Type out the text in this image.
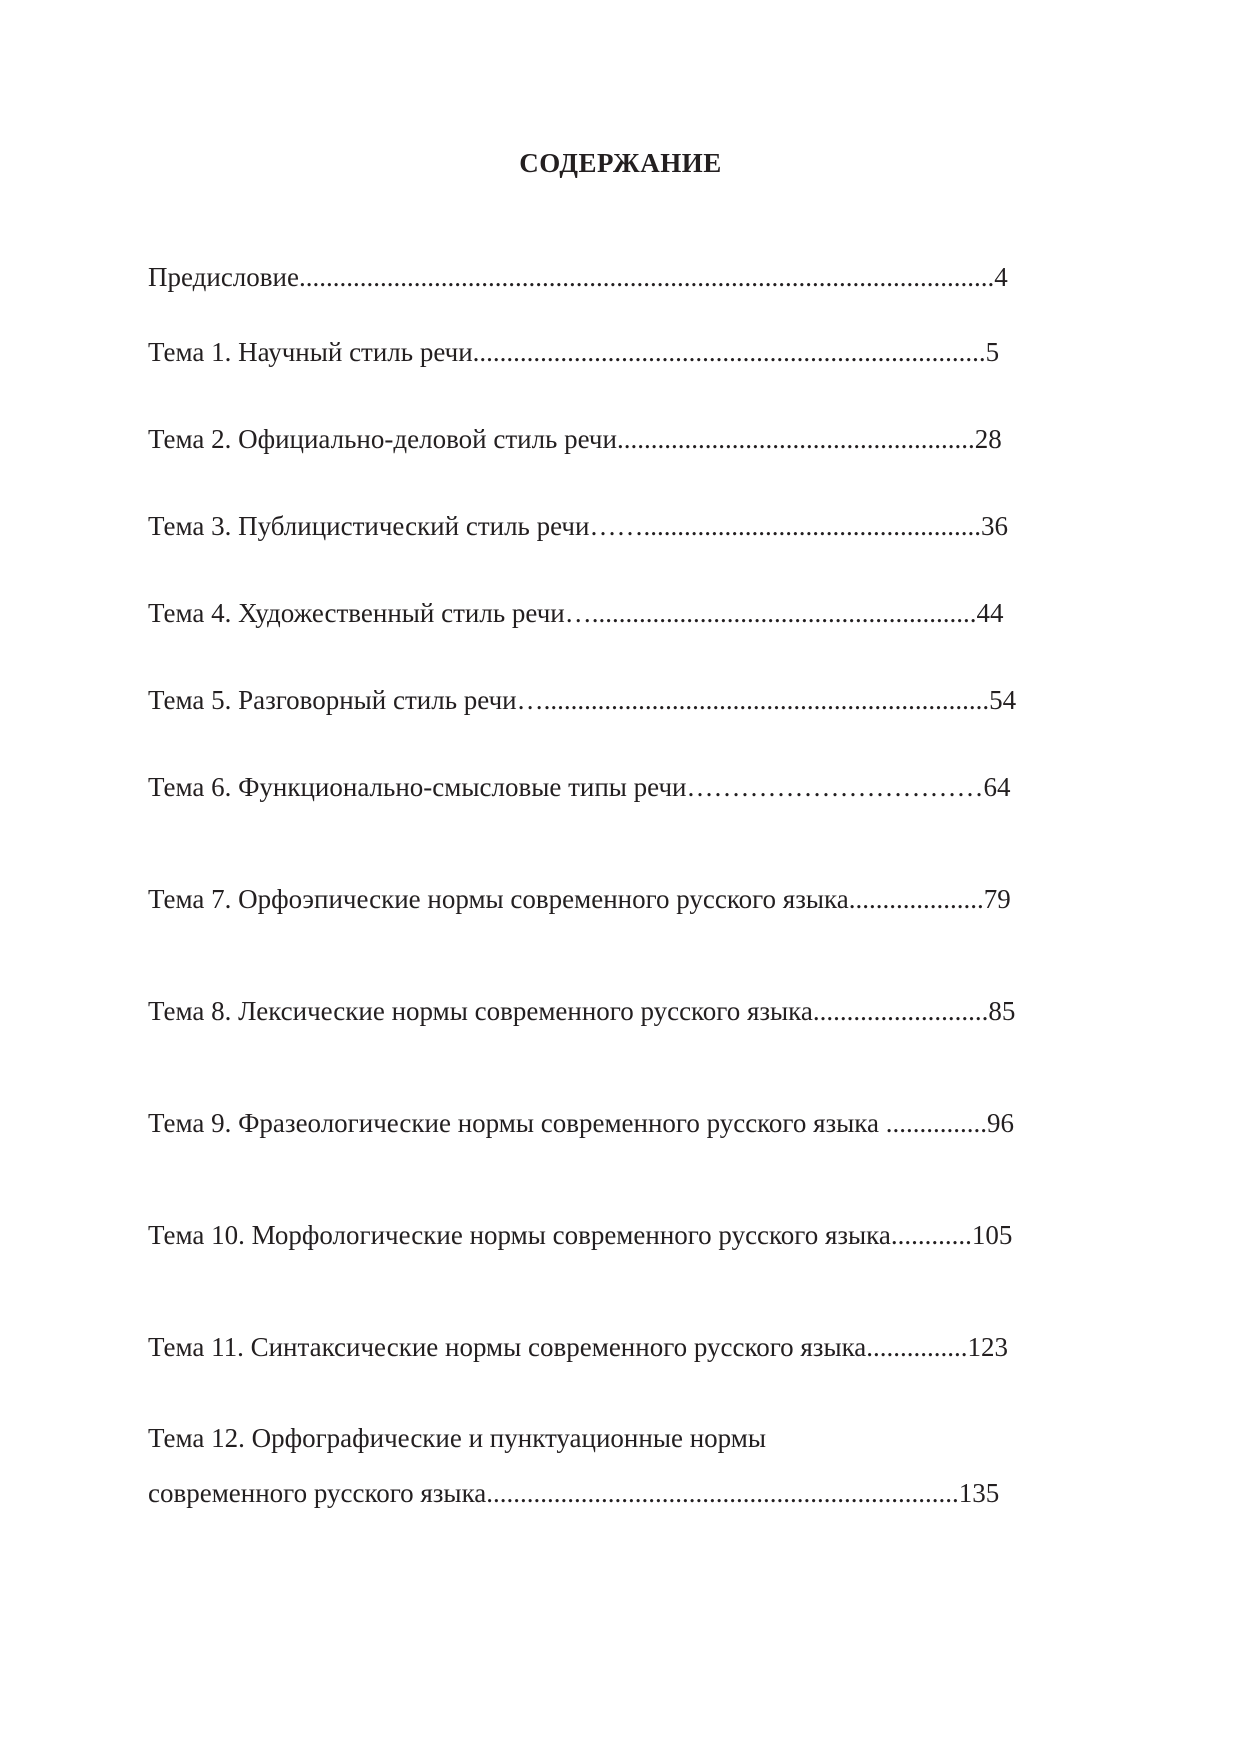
СОДЕРЖАНИЕ
Предисловие.......................................................................................................4
Тема 1. Научный стиль речи............................................................................5
Тема 2. Официально-деловой стиль речи.....................................................28
Тема 3. Публицистический стиль речи……..................................................36
Тема 4. Художественный стиль речи….........................................................44
Тема 5. Разговорный стиль речи…..................................................................54
Тема 6. Функционально-смысловые типы речи……………………………64
Тема 7. Орфоэпические нормы современного русского языка....................79
Тема 8. Лексические нормы современного русского языка..........................85
Тема 9. Фразеологические нормы современного русского языка ...............96
Тема 10. Морфологические нормы современного русского языка............105
Тема 11. Синтаксические нормы современного русского языка...............123
Тема 12. Орфографические и пунктуационные нормы
современного русского языка......................................................................135
